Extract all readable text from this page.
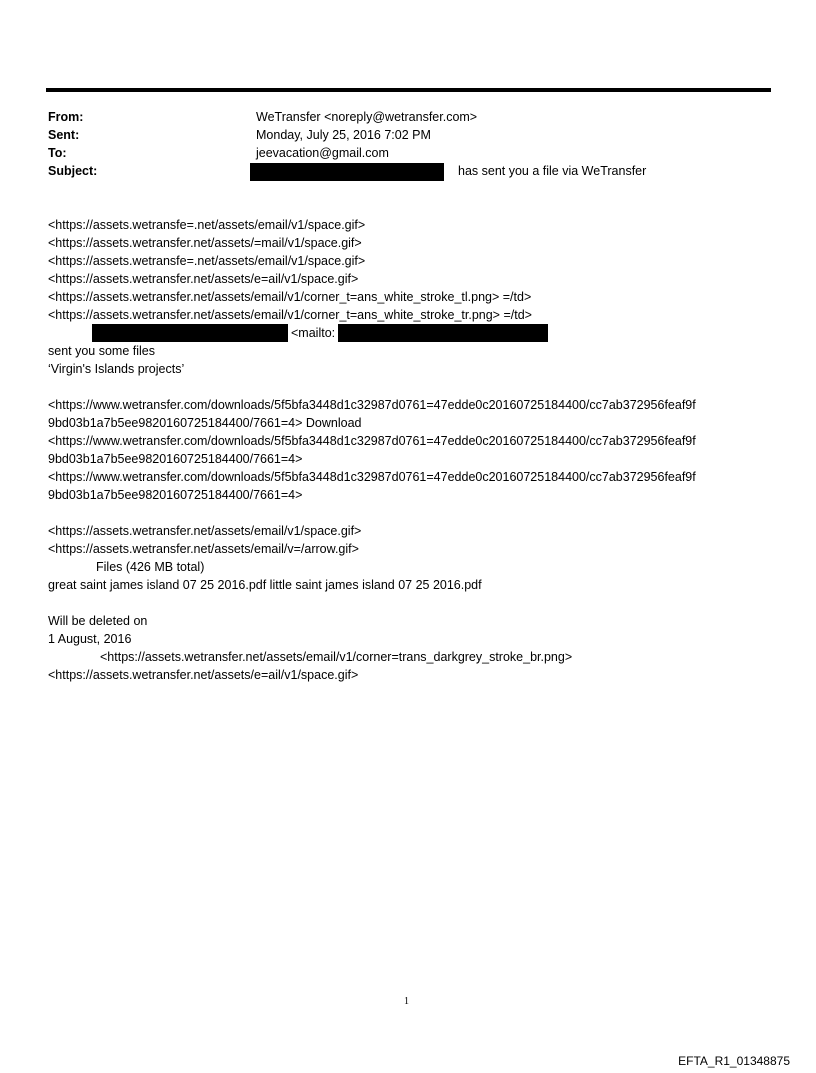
From:	WeTransfer <noreply@wetransfer.com>
Sent:	Monday, July 25, 2016 7:02 PM
To:	jeevacation@gmail.com
Subject:	has sent you a file via WeTransfer
<https://assets.wetransfe=.net/assets/email/v1/space.gif>
<https://assets.wetransfer.net/assets/=mail/v1/space.gif>
<https://assets.wetransfe=.net/assets/email/v1/space.gif>
<https://assets.wetransfer.net/assets/e=ail/v1/space.gif>
<https://assets.wetransfer.net/assets/email/v1/corner_t=ans_white_stroke_tl.png> =/td>
<https://assets.wetransfer.net/assets/email/v1/corner_t=ans_white_stroke_tr.png> =/td>
<mailto:
sent you some files
‘Virgin's Islands projects’
<https://www.wetransfer.com/downloads/5f5bfa3448d1c32987d0761=47edde0c20160725184400/cc7ab372956feaf9f
9bd03b1a7b5ee9820160725184400/7661=4> Download
<https://www.wetransfer.com/downloads/5f5bfa3448d1c32987d0761=47edde0c20160725184400/cc7ab372956feaf9f
9bd03b1a7b5ee9820160725184400/7661=4>
<https://www.wetransfer.com/downloads/5f5bfa3448d1c32987d0761=47edde0c20160725184400/cc7ab372956feaf9f
9bd03b1a7b5ee9820160725184400/7661=4>
<https://assets.wetransfer.net/assets/email/v1/space.gif>
<https://assets.wetransfer.net/assets/email/v=/arrow.gif>
Files (426 MB total)
great saint james island 07 25 2016.pdf little saint james island 07 25 2016.pdf
Will be deleted on
1 August, 2016
<https://assets.wetransfer.net/assets/email/v1/corner=trans_darkgrey_stroke_br.png>
<https://assets.wetransfer.net/assets/e=ail/v1/space.gif>
1
EFTA_R1_01348875
